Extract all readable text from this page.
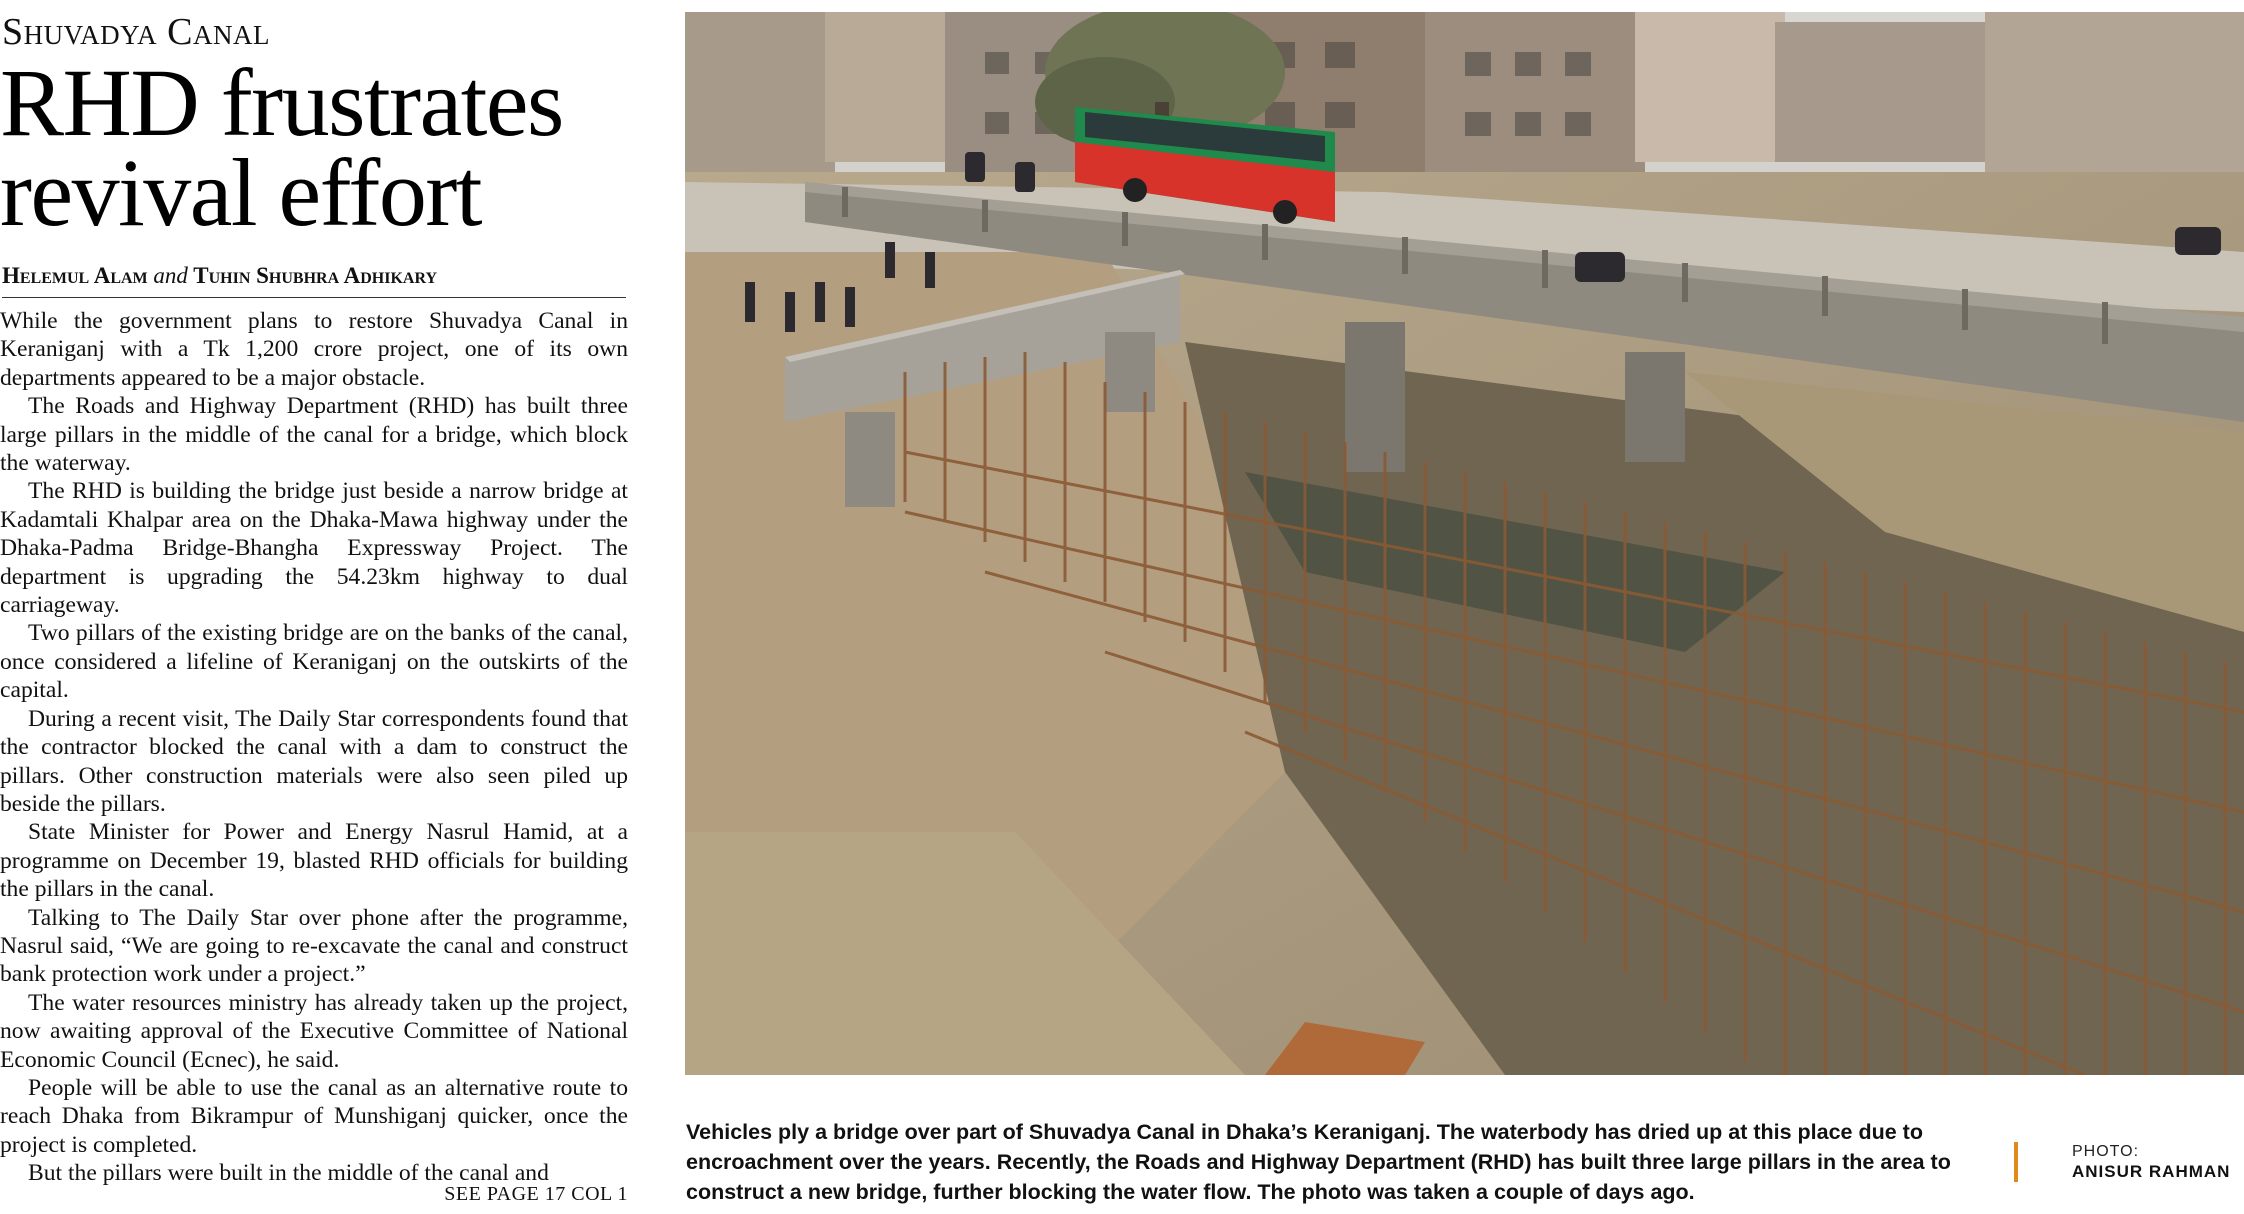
Shuvadya Canal
RHD frustrates
revival effort
Helemul Alam and Tuhin Shubhra Adhikary

While the government plans to restore Shuvadya Canal in Keraniganj with a Tk 1,200 crore project, one of its own departments appeared to be a major obstacle.

The Roads and Highway Department (RHD) has built three large pillars in the middle of the canal for a bridge, which block the waterway.

The RHD is building the bridge just beside a narrow bridge at Kadamtali Khalpar area on the Dhaka-Mawa highway under the Dhaka-Padma Bridge-Bhangha Expressway Project. The department is upgrading the 54.23km highway to dual carriageway.

Two pillars of the existing bridge are on the banks of the canal, once considered a lifeline of Keraniganj on the outskirts of the capital.

During a recent visit, The Daily Star correspondents found that the contractor blocked the canal with a dam to construct the pillars. Other construction materials were also seen piled up beside the pillars.

State Minister for Power and Energy Nasrul Hamid, at a programme on December 19, blasted RHD officials for building the pillars in the canal.

Talking to The Daily Star over phone after the programme, Nasrul said, “We are going to re-excavate the canal and construct bank protection work under a project.”

The water resources ministry has already taken up the project, now awaiting approval of the Executive Committee of National Economic Council (Ecnec), he said.

People will be able to use the canal as an alternative route to reach Dhaka from Bikrampur of Munshiganj quicker, once the project is completed.

But the pillars were built in the middle of the canal and

SEE PAGE 17 COL 1
Vehicles ply a bridge over part of Shuvadya Canal in Dhaka’s Keraniganj. The waterbody has dried up at this place due to encroachment over the years. Recently, the Roads and Highway Department (RHD) has built three large pillars in the area to construct a new bridge, further blocking the water flow. The photo was taken a couple of days ago.
PHOTO:
ANISUR RAHMAN
